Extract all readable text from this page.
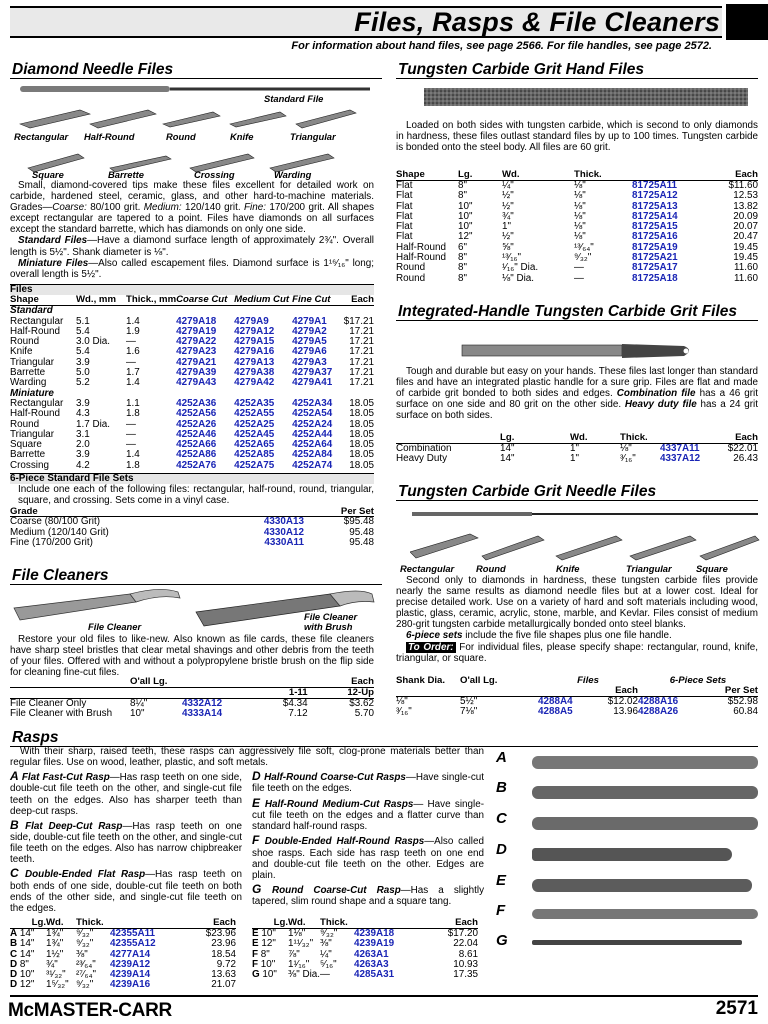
Files, Rasps & File Cleaners
For information about hand files, see page 2566. For file handles, see page 2572.
Diamond Needle Files
Standard File
Rectangular Half-Round	Round	Knife	Triangular
Square	Barrette	Crossing	Warding
Small, diamond-covered tips make these files excellent for detailed work on carbide, hardened steel, ceramic, glass, and other hard-to-machine materials. Grades—Coarse: 80/100 grit. Medium: 120/140 grit. Fine: 170/200 grit. All shapes except rectangular are tapered to a point. Files have diamonds on all surfaces except the standard barrette, which has diamonds on only one side.
Standard Files—Have a diamond surface length of approximately 2¾". Overall length is 5½". Shank diameter is ⅛".
Miniature Files—Also called escapement files. Diamond surface is 1¹⁶⁄₁₆" long; overall length is 5½".
Files						
Shape	Wd., mm	Thick., mm	Coarse Cut	Medium Cut	Fine Cut	Each
Standard						
Rectangular	5.1	1.4	4279A18	4279A9	4279A1	$17.21
Half-Round	5.4	1.9	4279A19	4279A12	4279A2	17.21
Round	3.0 Dia.	—	4279A22	4279A15	4279A5	17.21
Knife	5.4	1.6	4279A23	4279A16	4279A6	17.21
Triangular	3.9	—	4279A21	4279A13	4279A3	17.21
Barrette	5.0	1.7	4279A39	4279A38	4279A37	17.21
Warding	5.2	1.4	4279A43	4279A42	4279A41	17.21
Miniature						
Rectangular	3.9	1.1	4252A36	4252A35	4252A34	18.05
Half-Round	4.3	1.8	4252A56	4252A55	4252A54	18.05
Round	1.7 Dia.	—	4252A26	4252A25	4252A24	18.05
Triangular	3.1	—	4252A46	4252A45	4252A44	18.05
Square	2.0	—	4252A66	4252A65	4252A64	18.05
Barrette	3.9	1.4	4252A86	4252A85	4252A84	18.05
Crossing	4.2	1.8	4252A76	4252A75	4252A74	18.05
6-Piece Standard File Sets
Include one each of the following files: rectangular, half-round, round, triangular, square, and crossing. Sets come in a vinyl case.
Grade		Per Set
Coarse (80/100 Grit)	4330A13	$95.48
Medium (120/140 Grit)	4330A12	95.48
Fine (170/200 Grit)	4330A11	95.48
File Cleaners
File Cleaner
File Cleaner with Brush
Restore your old files to like-new. Also known as file cards, these file cleaners have sharp steel bristles that clear metal shavings and other debris from the teeth of your files. Offered with and without a polypropylene bristle brush on the flip side for cleaning fine-cut files.
	O'all Lg.		Each	
			1-11	12-Up
File Cleaner Only	8¼"	4332A12	$4.34	$3.62
File Cleaner with Brush	10"	4333A14	7.12	5.70
Tungsten Carbide Grit Hand Files
Loaded on both sides with tungsten carbide, which is second to only diamonds in hardness, these files outlast standard files by up to 100 times. Tungsten carbide is bonded onto the steel body. All files are 60 grit.
Shape	Lg.	Wd.	Thick.		Each
Flat	8"	¼"	⅛"	81725A11	$11.60
Flat	8"	½"	⅛"	81725A12	12.53
Flat	10"	½"	⅛"	81725A13	13.82
Flat	10"	¾"	⅛"	81725A14	20.09
Flat	10"	1"	⅛"	81725A15	20.07
Flat	12"	½"	⅛"	81725A16	20.47
Half-Round	6"	⅝"	¹³⁄₆₄"	81725A19	19.45
Half-Round	8"	¹³⁄₁₆"	⁹⁄₃₂"	81725A21	19.45
Round	8"	¹⁄₁₆" Dia.	—	81725A17	11.60
Round	8"	⅛" Dia.	—	81725A18	11.60
Integrated-Handle Tungsten Carbide Grit Files
Tough and durable but easy on your hands. These files last longer than standard files and have an integrated plastic handle for a sure grip. Files are flat and made of carbide grit bonded to both sides and edges. Combination file has a 46 grit surface on one side and 80 grit on the other side. Heavy duty file has a 24 grit surface on both sides.
	Lg.	Wd.	Thick.		Each
Combination	14"	1"	⅛"	4337A11	$22.01
Heavy Duty	14"	1"	³⁄₁₆"	4337A12	26.43
Tungsten Carbide Grit Needle Files
Rectangular Round	Knife	Triangular	Square
Second only to diamonds in hardness, these tungsten carbide files provide nearly the same results as diamond needle files but at a lower cost. Ideal for precise detailed work. Use on a variety of hard and soft materials including wood, plastic, glass, ceramic, acrylic, stone, marble, and Kevlar. Files consist of medium 280-grit tungsten carbide metallurgically bonded onto steel blanks.
6-piece sets include the five file shapes plus one file handle.
To Order: For individual files, please specify shape: rectangular, round, knife, triangular, or square.
Shank Dia.	O'all Lg.	Files		6-Piece Sets	
			Each		Per Set
⅛"	5½"	4288A4	$12.02	4288A16	$52.98
³⁄₁₆"	7⅛"	4288A5	13.96	4288A26	60.84
Rasps
With their sharp, raised teeth, these rasps can aggressively file soft, clog-prone materials better than regular files. Use on wood, leather, plastic, and soft metals.
A Flat Fast-Cut Rasp—Has rasp teeth on one side, double-cut file teeth on the other, and single-cut file teeth on the edges. Also has sharper teeth than deep-cut rasps.
B Flat Deep-Cut Rasp—Has rasp teeth on one side, double-cut file teeth on the other, and single-cut file teeth on the edges. Also has narrow chipbreaker teeth.
C Double-Ended Flat Rasp—Has rasp teeth on both ends of one side, double-cut file teeth on both ends of the other side, and single-cut file teeth on the edges.
D Half-Round Coarse-Cut Rasps—Have single-cut file teeth on the edges.
E Half-Round Medium-Cut Rasps— Have single-cut file teeth on the edges and a flatter curve than standard half-round rasps.
F Double-Ended Half-Round Rasps—Also called shoe rasps. Each side has rasp teeth on one end and double-cut file teeth on the other. Edges are plain.
G Round Coarse-Cut Rasp—Has a slightly tapered, slim round shape and a square tang.
Lg.	Wd.	Thick.		Each
A 14"	1¾"	⁹⁄₃₂"	42355A11	$23.96
B 14"	1¾"	⁹⁄₃₂"	42355A12	23.96
C 14"	1½"	⅜"	4277A14	18.54
D 8"	¾"	²³⁄₆₄"	4239A12	9.72
D 10"	³¹⁄₃₂"	²⁷⁄₆₄"	4239A14	13.63
D 12"	1⁵⁄₃₂"	⁹⁄₃₂"	4239A16	21.07
Lg.	Wd.	Thick.		Each
E 10"	1⅛"	⁹⁄₃₂"	4239A18	$17.20
E 12"	1¹¹⁄₃₂"	⅜"	4239A19	22.04
F 8"	⅞"	¼"	4263A1	8.61
F 10"	1¹⁄₁₆"	⁵⁄₁₆"	4263A3	10.93
G 10"	⅜" Dia.	—	4285A31	17.35
A
B
C
D
E
F
G
McMASTER-CARR	2571
